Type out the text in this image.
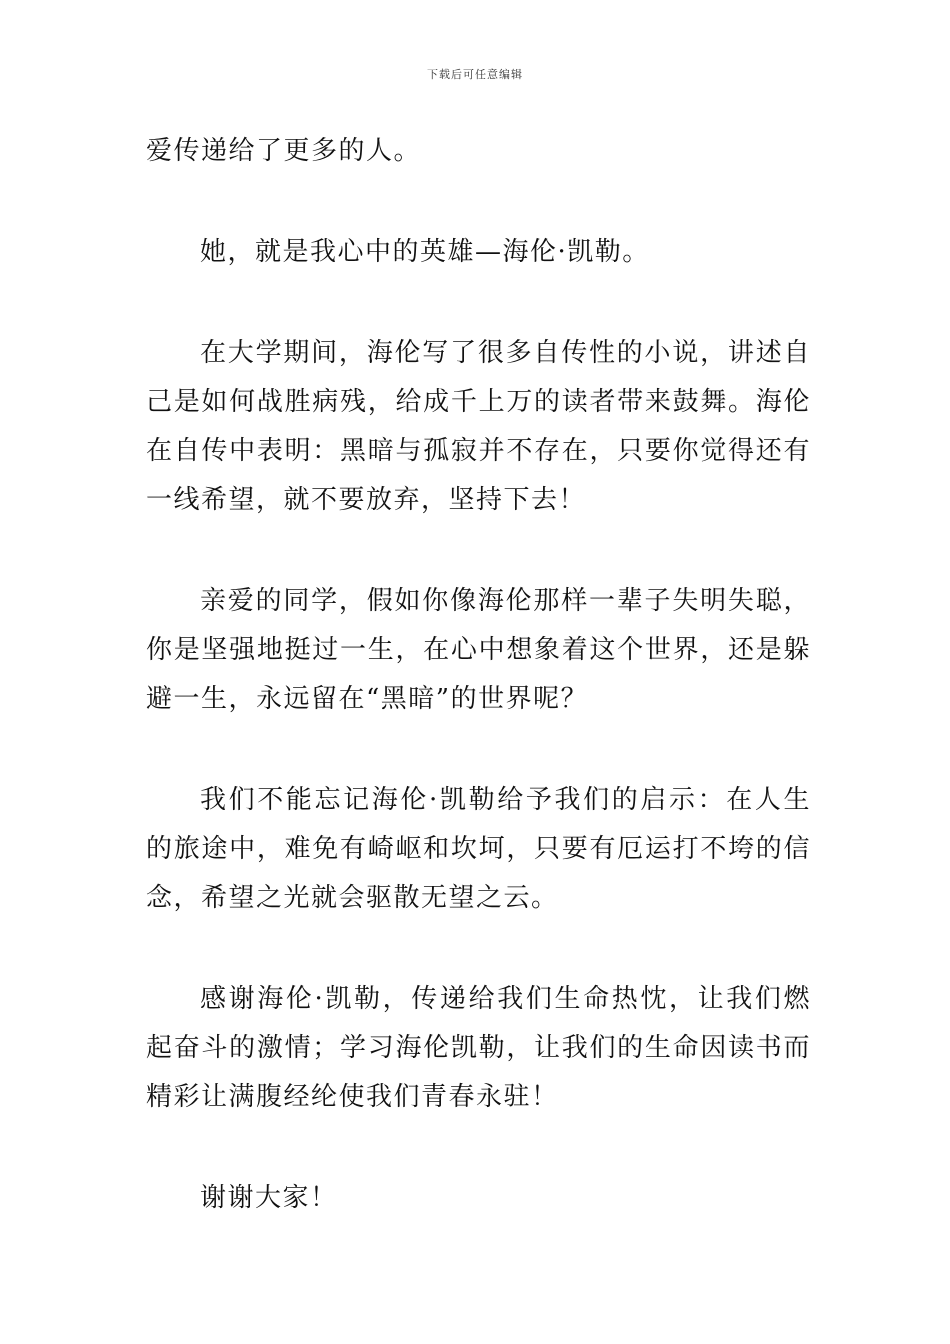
下载后可任意编辑

爱传递给了更多的人。

她，就是我心中的英雄—海伦·凯勒。

在大学期间，海伦写了很多自传性的小说，讲述自己是如何战胜病残，给成千上万的读者带来鼓舞。海伦在自传中表明：黑暗与孤寂并不存在，只要你觉得还有一线希望，就不要放弃，坚持下去！

亲爱的同学，假如你像海伦那样一辈子失明失聪，你是坚强地挺过一生，在心中想象着这个世界，还是躲避一生，永远留在“黑暗”的世界呢？

我们不能忘记海伦·凯勒给予我们的启示：在人生的旅途中，难免有崎岖和坎坷，只要有厄运打不垮的信念，希望之光就会驱散无望之云。

感谢海伦·凯勒，传递给我们生命热忱，让我们燃起奋斗的激情；学习海伦凯勒，让我们的生命因读书而精彩让满腹经纶使我们青春永驻！

谢谢大家！
